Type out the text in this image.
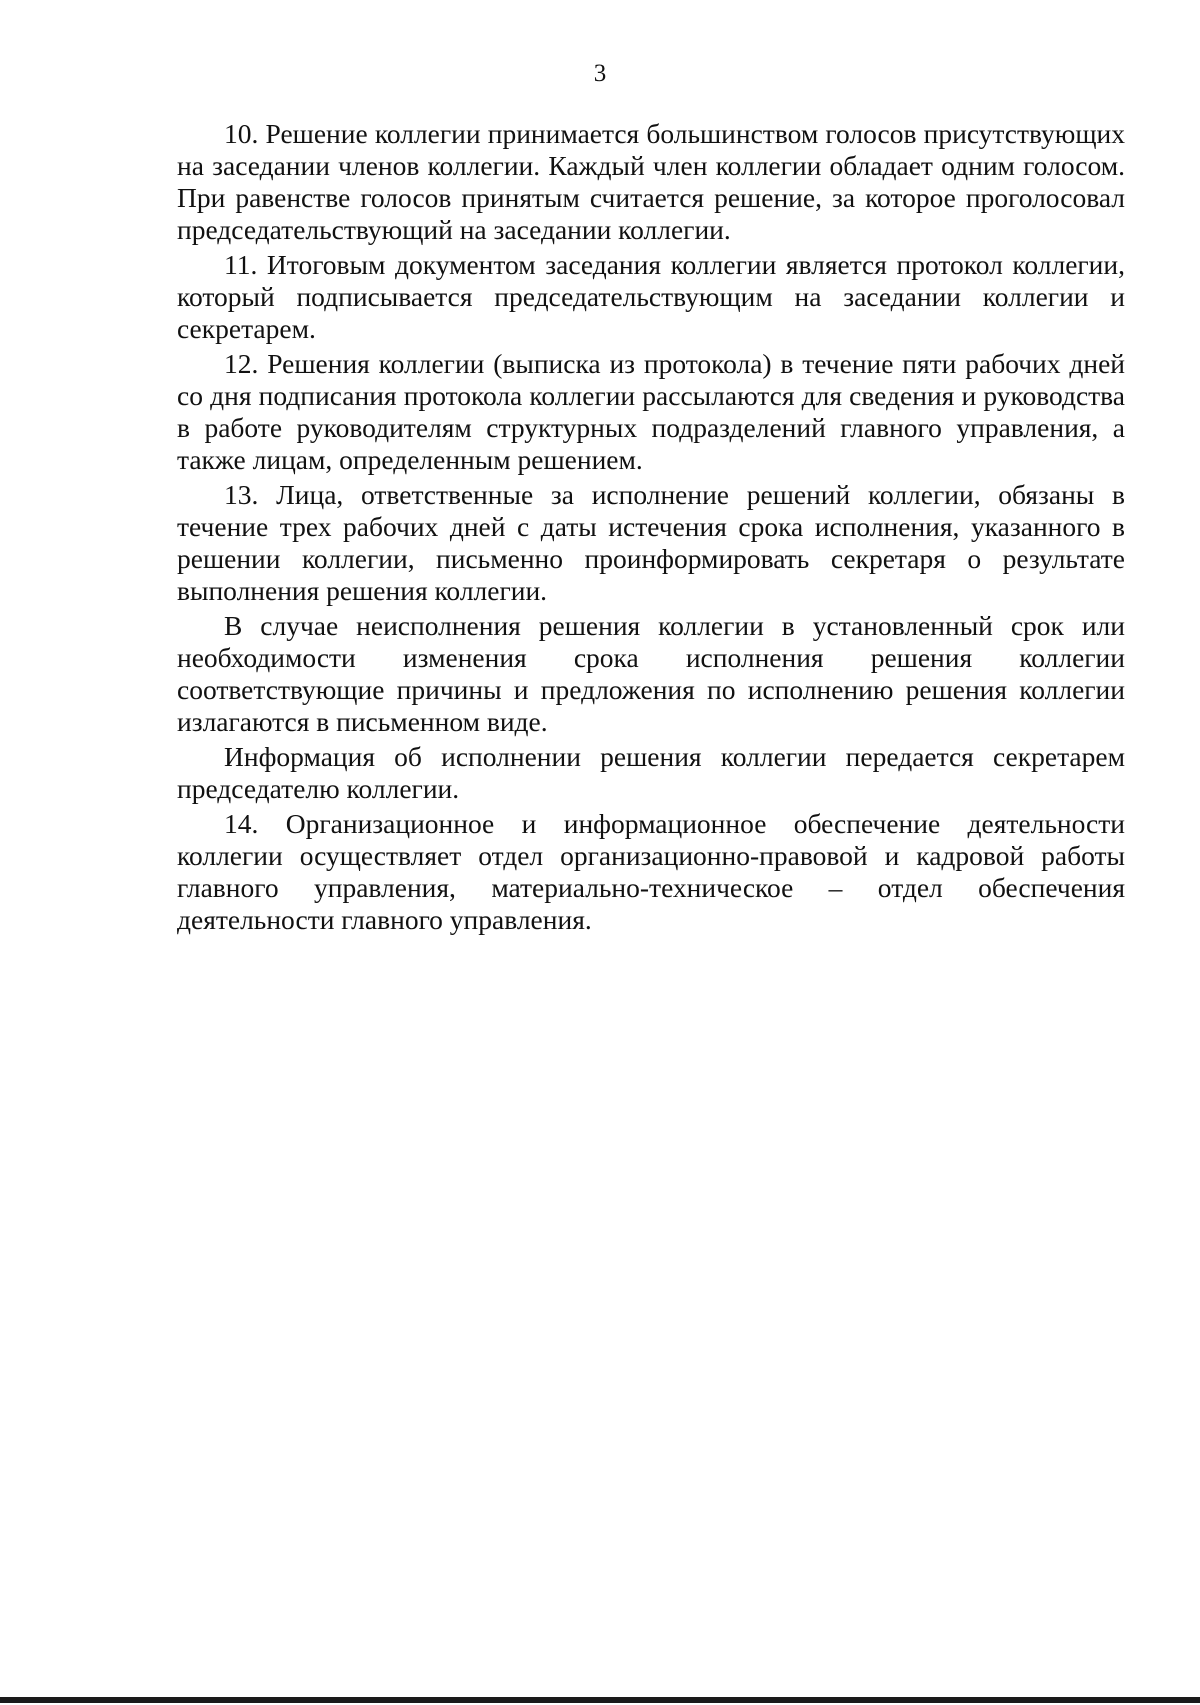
3

10. Решение коллегии принимается большинством голосов присутствующих на заседании членов коллегии. Каждый член коллегии обладает одним голосом. При равенстве голосов принятым считается решение, за которое проголосовал председательствующий на заседании коллегии.

11. Итоговым документом заседания коллегии является протокол коллегии, который подписывается председательствующим на заседании коллегии и секретарем.

12. Решения коллегии (выписка из протокола) в течение пяти рабочих дней со дня подписания протокола коллегии рассылаются для сведения и руководства в работе руководителям структурных подразделений главного управления, а также лицам, определенным решением.

13. Лица, ответственные за исполнение решений коллегии, обязаны в течение трех рабочих дней с даты истечения срока исполнения, указанного в решении коллегии, письменно проинформировать секретаря о результате выполнения решения коллегии.

В случае неисполнения решения коллегии в установленный срок или необходимости изменения срока исполнения решения коллегии соответствующие причины и предложения по исполнению решения коллегии излагаются в письменном виде.

Информация об исполнении решения коллегии передается секретарем председателю коллегии.

14. Организационное и информационное обеспечение деятельности коллегии осуществляет отдел организационно-правовой и кадровой работы главного управления, материально-техническое – отдел обеспечения деятельности главного управления.
